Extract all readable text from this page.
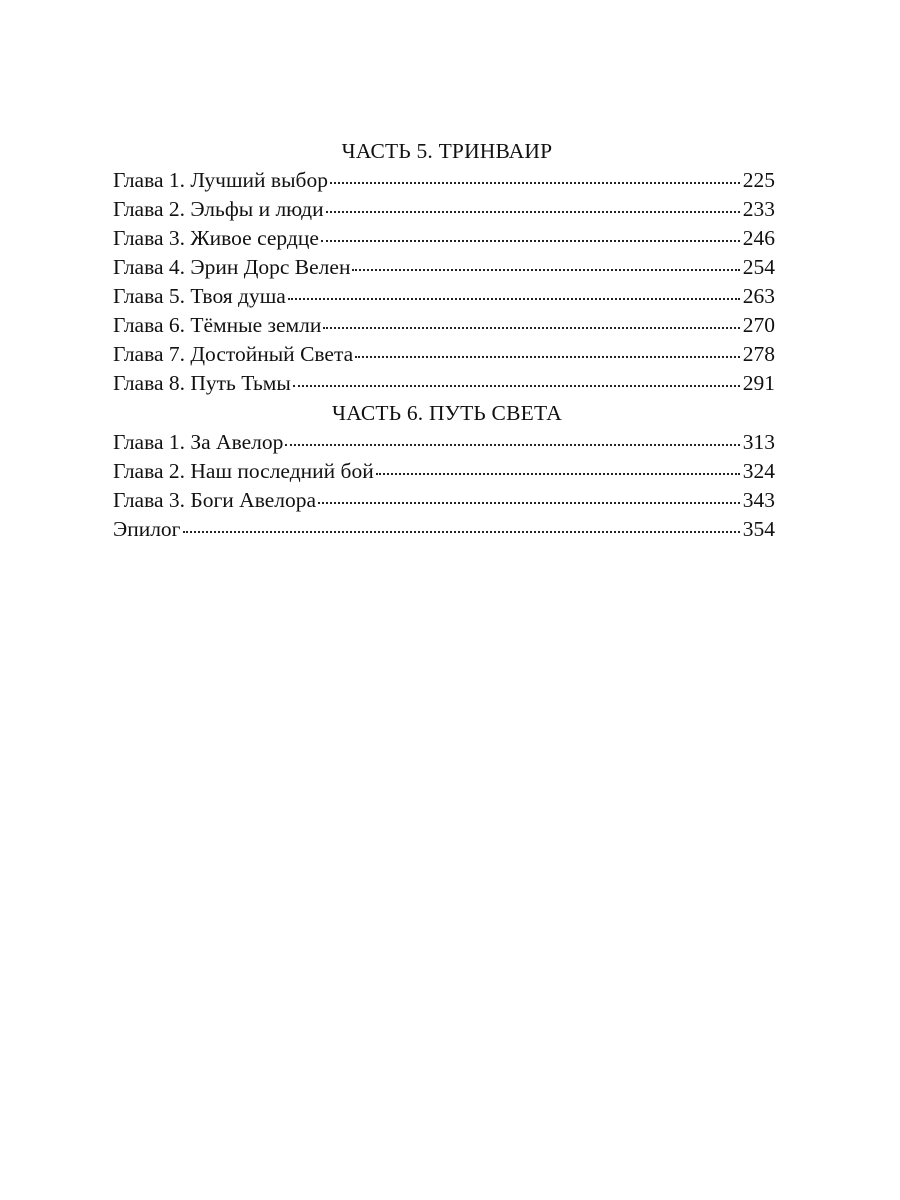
ЧАСТЬ 5. ТРИНВАИР
Глава 1. Лучший выбор	225
Глава 2. Эльфы и люди	233
Глава 3. Живое сердце	246
Глава 4. Эрин Дорс Велен	254
Глава 5. Твоя душа	263
Глава 6. Тёмные земли	270
Глава 7. Достойный Света	278
Глава 8. Путь Тьмы	291
ЧАСТЬ 6. ПУТЬ СВЕТА
Глава 1. За Авелор	313
Глава 2. Наш последний бой	324
Глава 3. Боги Авелора	343
Эпилог	354
